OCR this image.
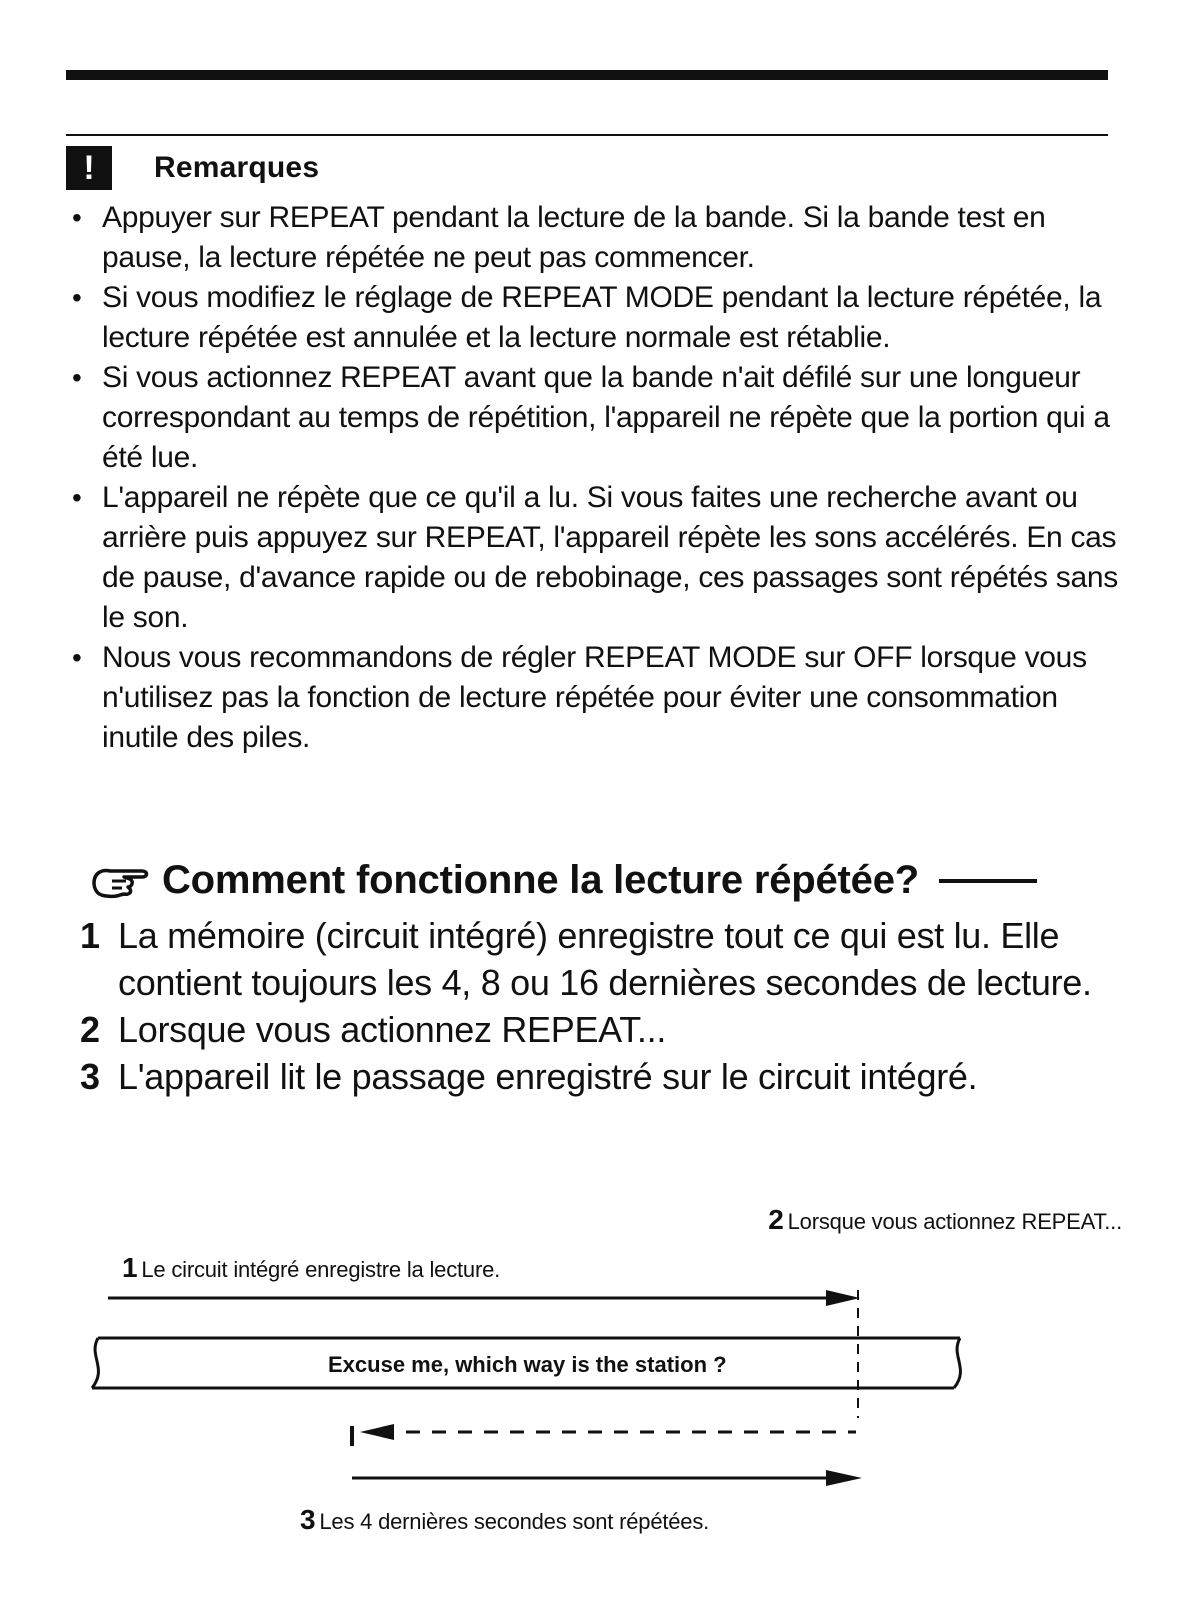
!	Remarques
• Appuyer sur REPEAT pendant la lecture de la bande. Si la bande test en pause, la lecture répétée ne peut pas commencer.
• Si vous modifiez le réglage de REPEAT MODE pendant la lecture répétée, la lecture répétée est annulée et la lecture normale est rétablie.
• Si vous actionnez REPEAT avant que la bande n'ait défilé sur une longueur correspondant au temps de répétition, l'appareil ne répète que la portion qui a été lue.
• L'appareil ne répète que ce qu'il a lu. Si vous faites une recherche avant ou arrière puis appuyez sur REPEAT, l'appareil répète les sons accélérés. En cas de pause, d'avance rapide ou de rebobinage, ces passages sont répétés sans le son.
• Nous vous recommandons de régler REPEAT MODE sur OFF lorsque vous n'utilisez pas la fonction de lecture répétée pour éviter une consommation inutile des piles.
Comment fonctionne la lecture répétée?
1 La mémoire (circuit intégré) enregistre tout ce qui est lu. Elle contient toujours les 4, 8 ou 16 dernières secondes de lecture.
2 Lorsque vous actionnez REPEAT...
3 L'appareil lit le passage enregistré sur le circuit intégré.
2 Lorsque vous actionnez REPEAT...
1 Le circuit intégré enregistre la lecture.
Excuse me, which way is the station ?
3 Les 4 dernières secondes sont répétées.
